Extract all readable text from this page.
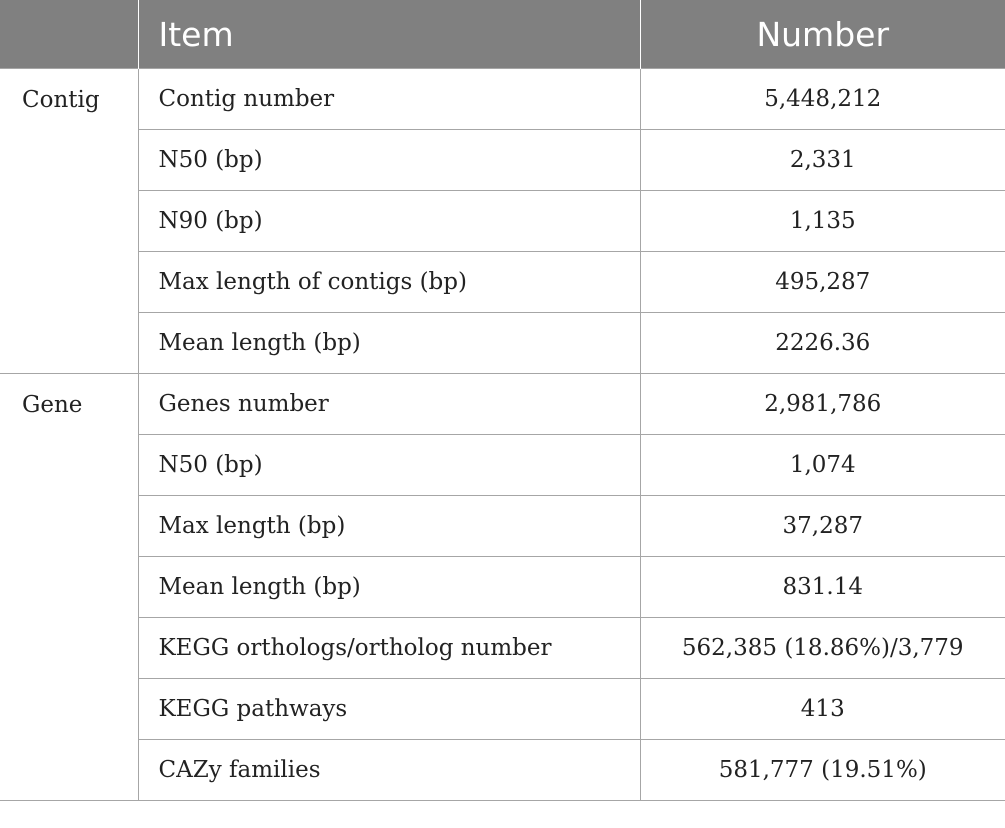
	Item	Number
Contig	Contig number	5,448,212
	N50 (bp)	2,331
	N90 (bp)	1,135
	Max length of contigs (bp)	495,287
	Mean length (bp)	2226.36
Gene	Genes number	2,981,786
	N50 (bp)	1,074
	Max length (bp)	37,287
	Mean length (bp)	831.14
	KEGG orthologs/ortholog number	562,385 (18.86%)/3,779
	KEGG pathways	413
	CAZy families	581,777 (19.51%)
